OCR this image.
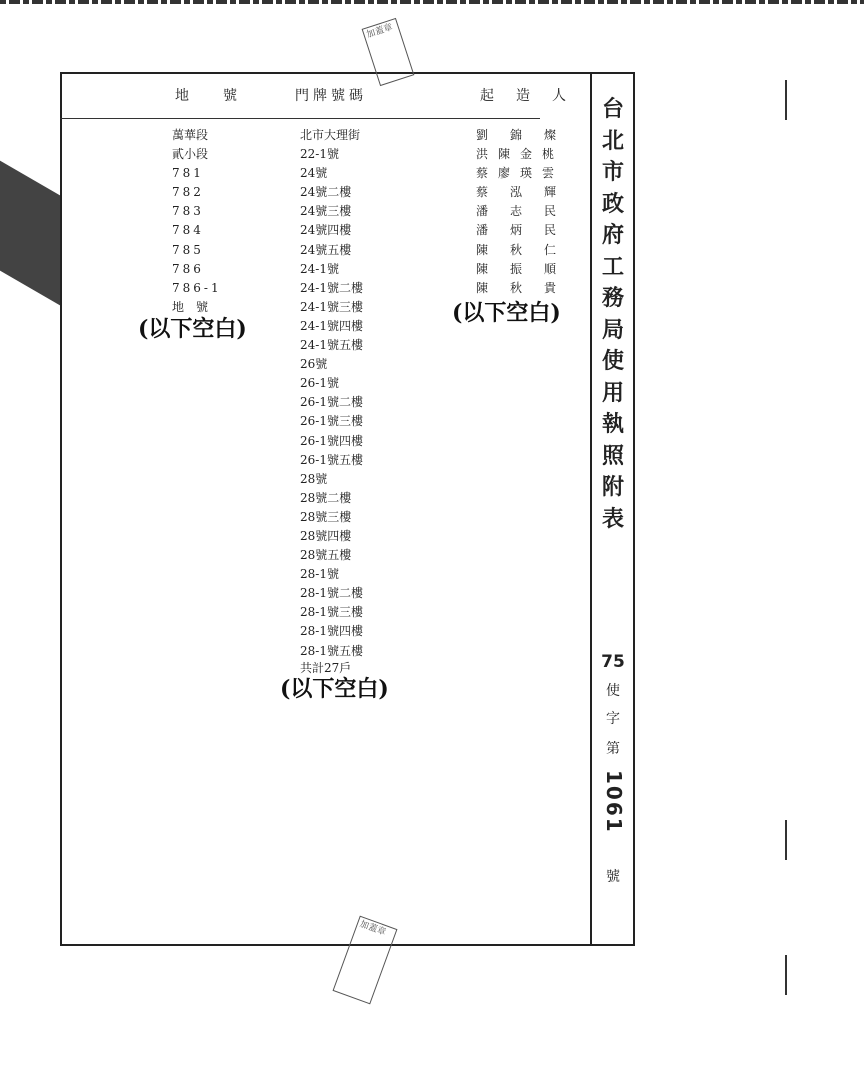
加蓋章
加蓋章
地　號	門牌號碼	起造人
萬華段
貳小段
781
782
783
784
785
786
786-1
地　號
北市大理街
22-1號
24號
24號二樓
24號三樓
24號四樓
24號五樓
24-1號
24-1號二樓
24-1號三樓
24-1號四樓
24-1號五樓
26號
26-1號
26-1號二樓
26-1號三樓
26-1號四樓
26-1號五樓
28號
28號二樓
28號三樓
28號四樓
28號五樓
28-1號
28-1號二樓
28-1號三樓
28-1號四樓
28-1號五樓
共計27戶
劉錦燦
洪陳金桃
蔡廖瑛雲
蔡泓輝
潘志民
潘炳民
陳秋仁
陳振順
陳秋貴
(以下空白)
(以下空白)
(以下空白)
台
北
市
政
府
工
務
局
使
用
執
照
附
表
75
使
字
第
1061
號
